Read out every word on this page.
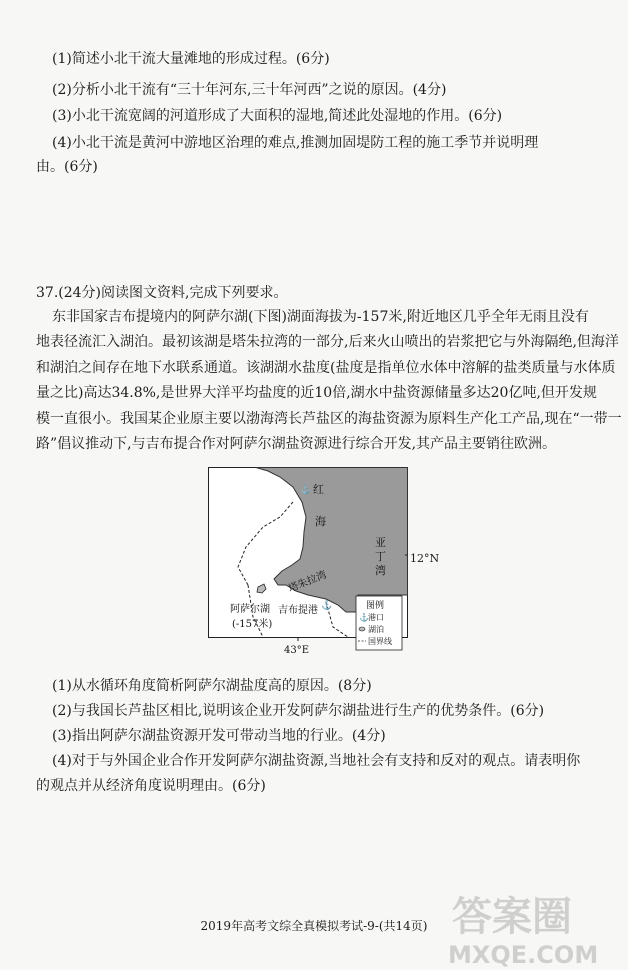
(1)简述小北干流大量滩地的形成过程。(6分)
(2)分析小北干流有“三十年河东,三十年河西”之说的原因。(4分)
(3)小北干流宽阔的河道形成了大面积的湿地,简述此处湿地的作用。(6分)
(4)小北干流是黄河中游地区治理的难点,推测加固堤防工程的施工季节并说明理
由。(6分)
37.(24分)阅读图文资料,完成下列要求。
东非国家吉布提境内的阿萨尔湖(下图)湖面海拔为-157米,附近地区几乎全年无雨且没有
地表径流汇入湖泊。最初该湖是塔朱拉湾的一部分,后来火山喷出的岩浆把它与外海隔绝,但海洋
和湖泊之间存在地下水联系通道。该湖湖水盐度(盐度是指单位水体中溶解的盐类质量与水体质
量之比)高达34.8%,是世界大洋平均盐度的近10倍,湖水中盐资源储量多达20亿吨,但开发规
模一直很小。我国某企业原主要以渤海湾长芦盐区的海盐资源为原料生产化工产品,现在“一带一
路”倡议推动下,与吉布提合作对阿萨尔湖盐资源进行综合开发,其产品主要销往欧洲。
⚓
⚓
红
海
亚
丁
湾
塔朱拉湾
阿萨尔湖
(-157米)
吉布提港
43°E
图例
⚓ 港口
湖泊
国界线
12°N
(1)从水循环角度简析阿萨尔湖盐度高的原因。(8分)
(2)与我国长芦盐区相比,说明该企业开发阿萨尔湖盐进行生产的优势条件。(6分)
(3)指出阿萨尔湖盐资源开发可带动当地的行业。(4分)
(4)对于与外国企业合作开发阿萨尔湖盐资源,当地社会有支持和反对的观点。请表明你
的观点并从经济角度说明理由。(6分)
2019年高考文综全真模拟考试-9-(共14页) 答案圈
MXQE.COM
